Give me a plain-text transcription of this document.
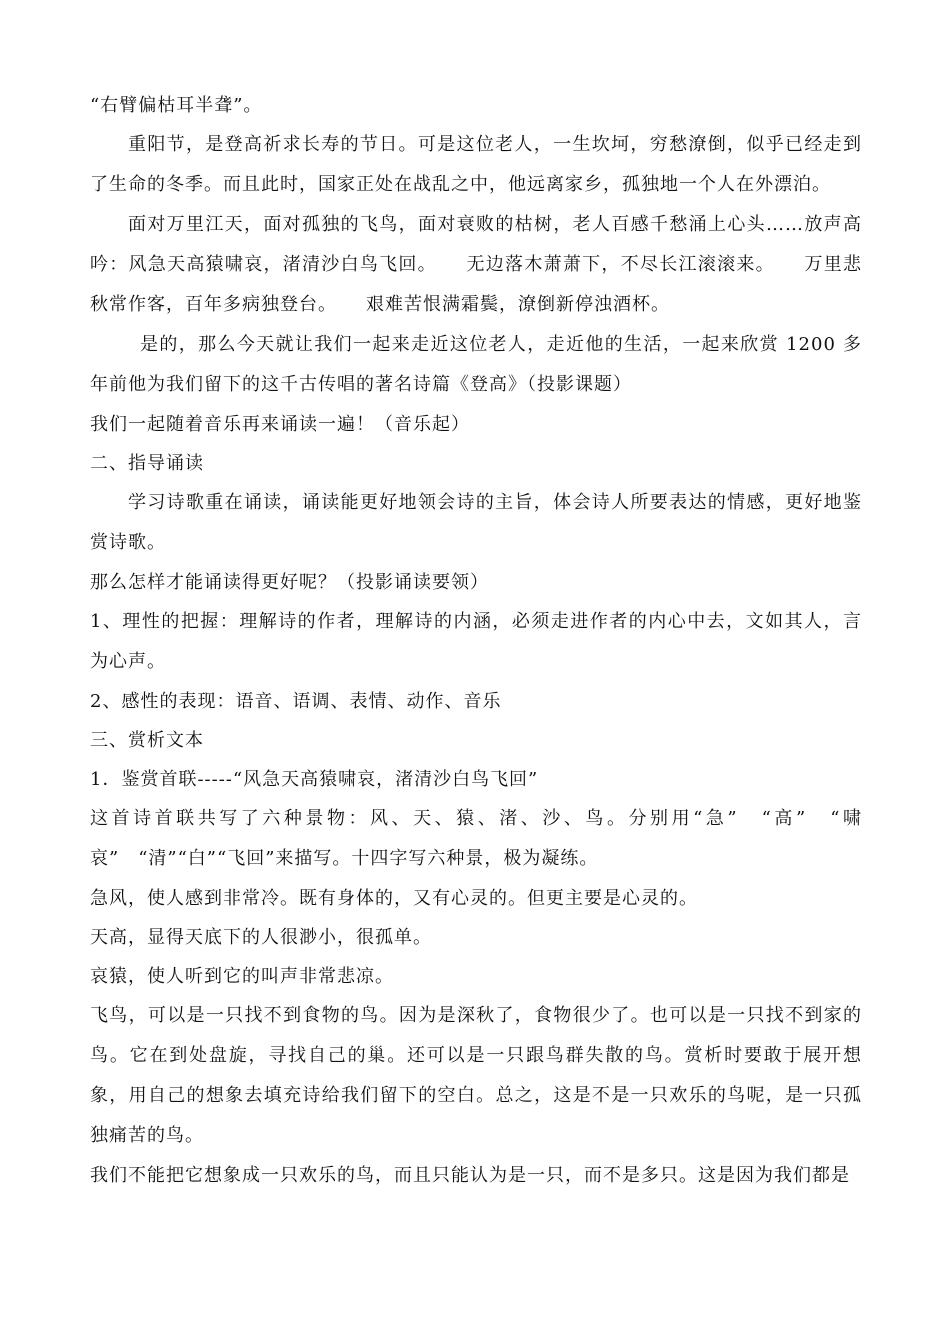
“右臂偏枯耳半聋”。

重阳节，是登高祈求长寿的节日。可是这位老人，一生坎坷，穷愁潦倒，似乎已经走到了生命的冬季。而且此时，国家正处在战乱之中，他远离家乡，孤独地一个人在外漂泊。

面对万里江天，面对孤独的飞鸟，面对衰败的枯树，老人百感千愁涌上心头……放声高吟：风急天高猿啸哀，渚清沙白鸟飞回。　　无边落木萧萧下，不尽长江滚滚来。　　万里悲秋常作客，百年多病独登台。　　艰难苦恨满霜鬓，潦倒新停浊酒杯。

是的，那么今天就让我们一起来走近这位老人，走近他的生活，一起来欣赏 1200 多年前他为我们留下的这千古传唱的著名诗篇《登高》（投影课题）

我们一起随着音乐再来诵读一遍！（音乐起）

二、指导诵读

学习诗歌重在诵读，诵读能更好地领会诗的主旨，体会诗人所要表达的情感，更好地鉴赏诗歌。

那么怎样才能诵读得更好呢？（投影诵读要领）

1、理性的把握：理解诗的作者，理解诗的内涵，必须走进作者的内心中去，文如其人，言为心声。

2、感性的表现：语音、语调、表情、动作、音乐

三、赏析文本

1．鉴赏首联-----“风急天高猿啸哀，渚清沙白鸟飞回”

这首诗首联共写了六种景物：风、天、猿、渚、沙、鸟。分别用“急”　“高”　“啸哀”　“清”“白”“飞回”来描写。十四字写六种景，极为凝练。

急风，使人感到非常冷。既有身体的，又有心灵的。但更主要是心灵的。

天高，显得天底下的人很渺小，很孤单。

哀猿，使人听到它的叫声非常悲凉。

飞鸟，可以是一只找不到食物的鸟。因为是深秋了，食物很少了。也可以是一只找不到家的鸟。它在到处盘旋，寻找自己的巢。还可以是一只跟鸟群失散的鸟。赏析时要敢于展开想象，用自己的想象去填充诗给我们留下的空白。总之，这是不是一只欢乐的鸟呢，是一只孤独痛苦的鸟。

我们不能把它想象成一只欢乐的鸟，而且只能认为是一只，而不是多只。这是因为我们都是
